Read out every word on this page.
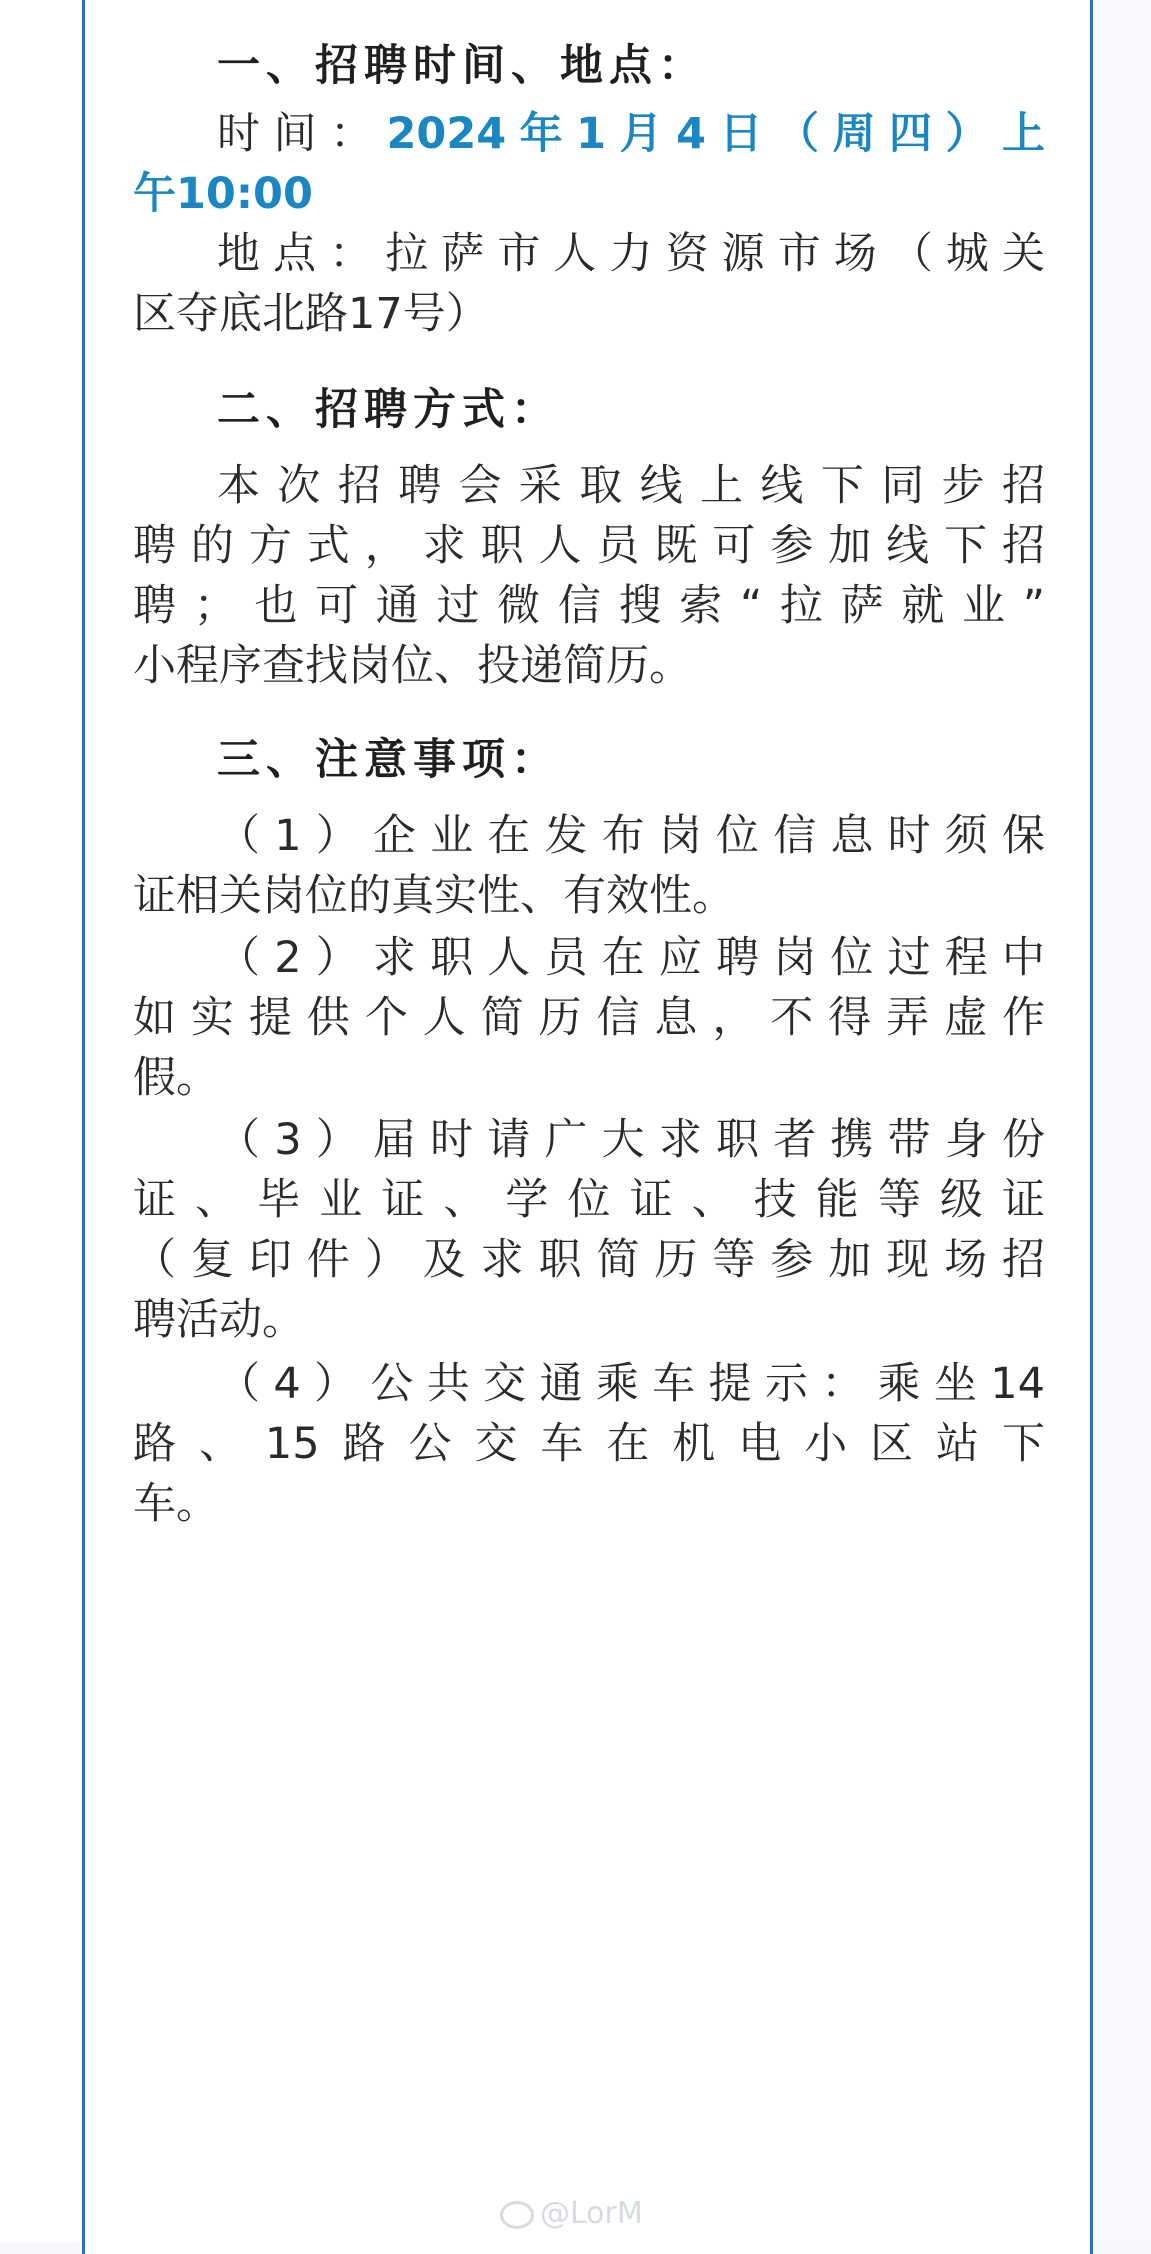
一、招聘时间、地点：
时间：2024年1月4日（周四）上
午10:00
地点：拉萨市人力资源市场（城关
区夺底北路17号）
二、招聘方式：
本次招聘会采取线上线下同步招
聘的方式，求职人员既可参加线下招
聘；也可通过微信搜索“拉萨就业”
小程序查找岗位、投递简历。
三、注意事项：
（1）企业在发布岗位信息时须保
证相关岗位的真实性、有效性。
（2）求职人员在应聘岗位过程中
如实提供个人简历信息，不得弄虚作
假。
（3）届时请广大求职者携带身份
证、毕业证、学位证、技能等级证
（复印件）及求职简历等参加现场招
聘活动。
（4）公共交通乘车提示：乘坐14
路、15路公交车在机电小区站下
车。
@LorM
